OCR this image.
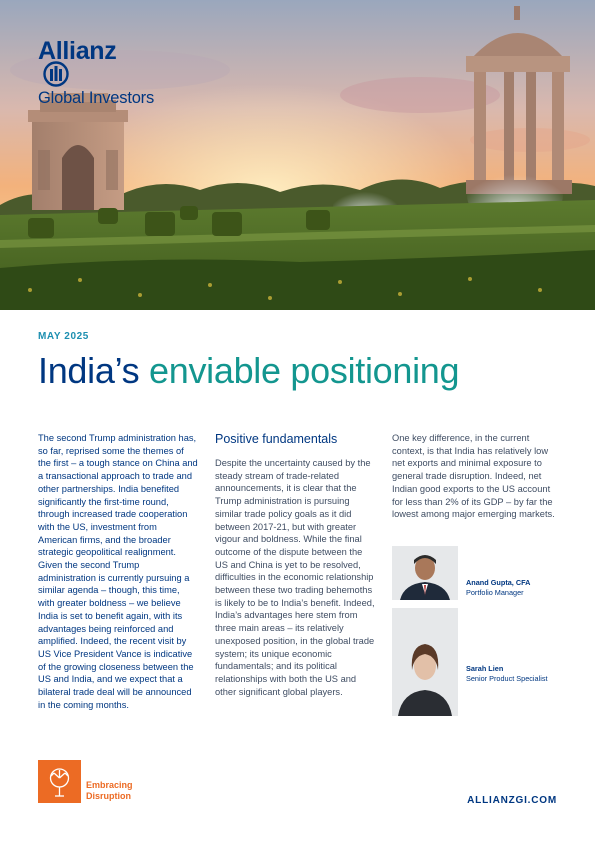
Allianz
Global Investors
MAY 2025
India’s enviable positioning

The second Trump administration has, so far, reprised some the themes of the first – a tough stance on China and a transactional approach to trade and other partnerships. India benefited significantly the first-time round, through increased trade cooperation with the US, investment from American firms, and the broader strategic geopolitical realignment. Given the second Trump administration is currently pursuing a similar agenda – though, this time, with greater boldness – we believe India is set to benefit again, with its advantages being reinforced and amplified. Indeed, the recent visit by US Vice President Vance is indicative of the growing closeness between the US and India, and we expect that a bilateral trade deal will be announced in the coming months.

Positive fundamentals

Despite the uncertainty caused by the steady stream of trade-related announcements, it is clear that the Trump administration is pursuing similar trade policy goals as it did between 2017-21, but with greater vigour and boldness. While the final outcome of the dispute between the US and China is yet to be resolved, difficulties in the economic relationship between these two trading behemoths is likely to be to India’s benefit. Indeed, India’s advantages here stem from three main areas – its relatively unexposed position, in the global trade system; its unique economic fundamentals; and its political relationships with both the US and other significant global players.

One key difference, in the current context, is that India has relatively low net exports and minimal exposure to general trade disruption. Indeed, net Indian good exports to the US account for less than 2% of its GDP – by far the lowest among major emerging markets.

Anand Gupta, CFA
Portfolio Manager
Sarah Lien
Senior Product Specialist
Embracing
Disruption	ALLIANZGI.COM
